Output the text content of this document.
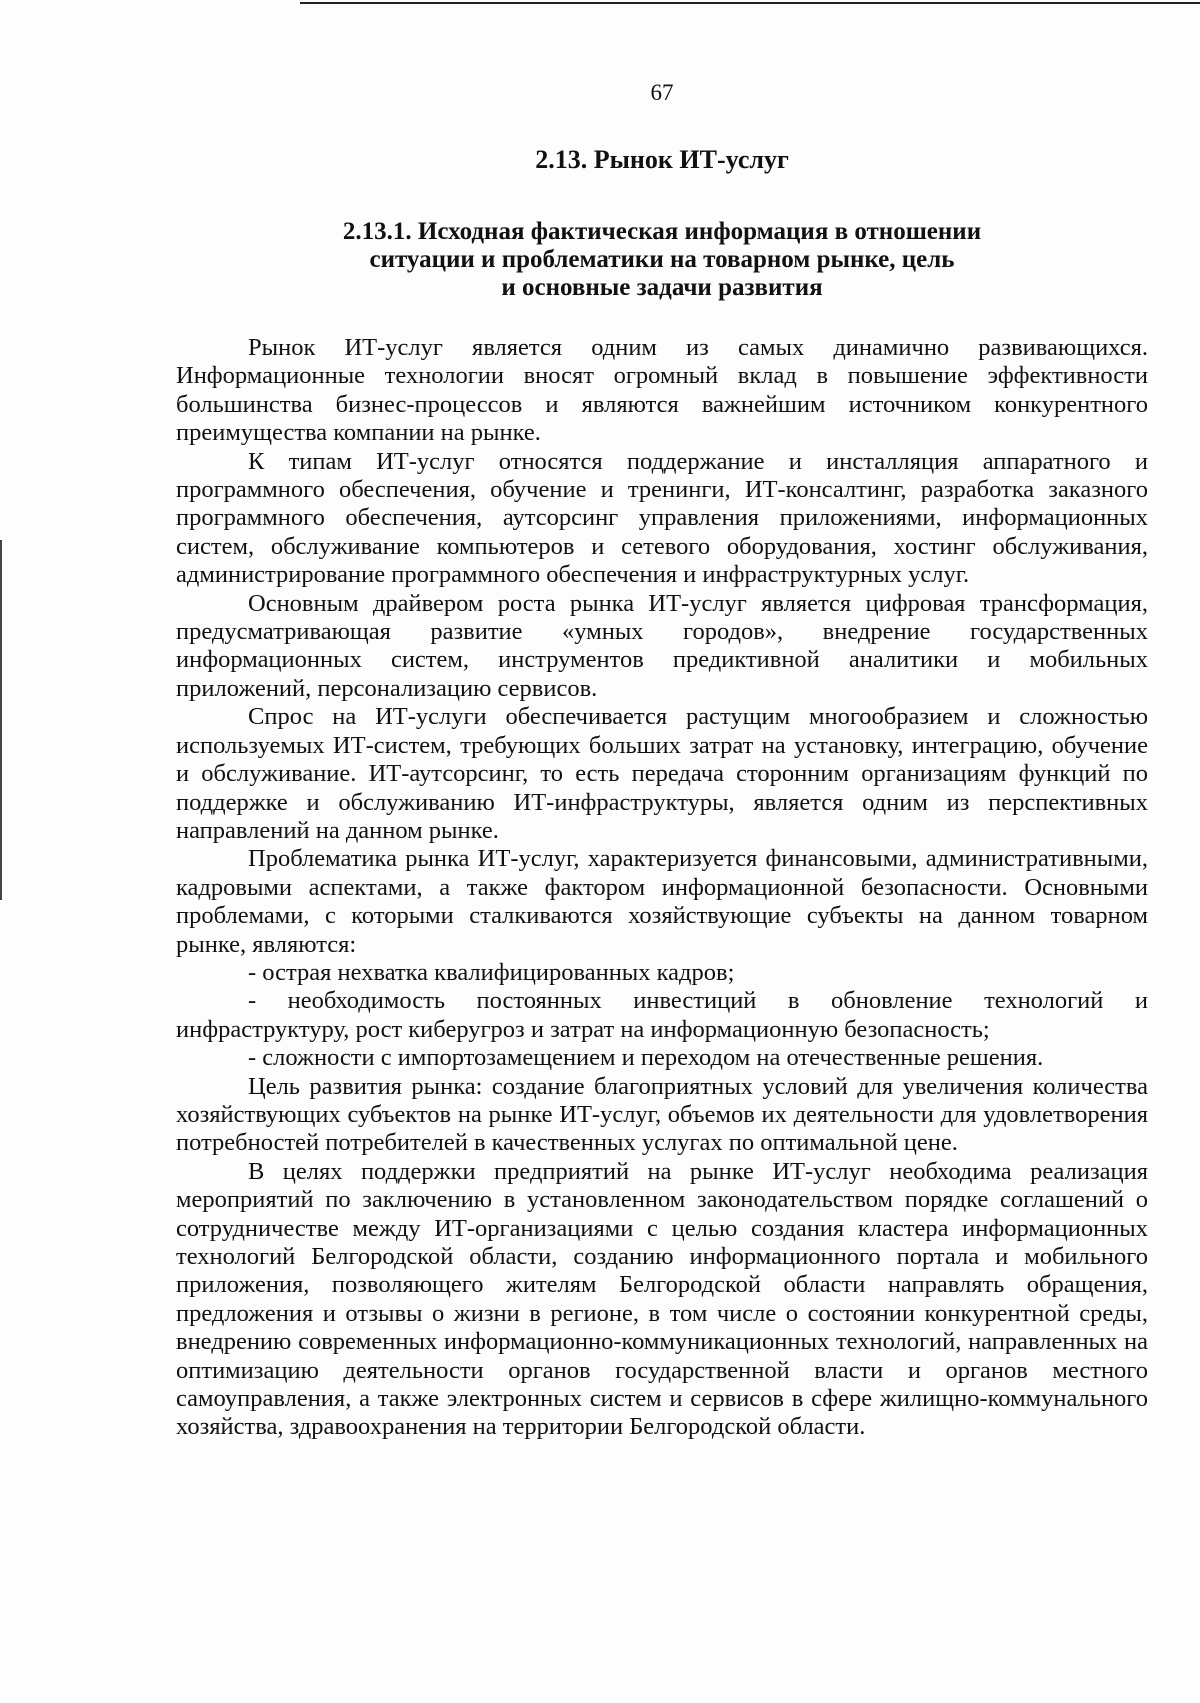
67
2.13. Рынок ИТ-услуг
2.13.1. Исходная фактическая информация в отношении
ситуации и проблематики на товарном рынке, цель
и основные задачи развития

Рынок ИТ-услуг является одним из самых динамично развивающихся. Информационные технологии вносят огромный вклад в повышение эффективности большинства бизнес-процессов и являются важнейшим источником конкурентного преимущества компании на рынке.

К типам ИТ-услуг относятся поддержание и инсталляция аппаратного и программного обеспечения, обучение и тренинги, ИТ-консалтинг, разработка заказного программного обеспечения, аутсорсинг управления приложениями, информационных систем, обслуживание компьютеров и сетевого оборудования, хостинг обслуживания, администрирование программного обеспечения и инфраструктурных услуг.

Основным драйвером роста рынка ИТ-услуг является цифровая трансформация, предусматривающая развитие «умных городов», внедрение государственных информационных систем, инструментов предиктивной аналитики и мобильных приложений, персонализацию сервисов.

Спрос на ИТ-услуги обеспечивается растущим многообразием и сложностью используемых ИТ-систем, требующих больших затрат на установку, интеграцию, обучение и обслуживание. ИТ-аутсорсинг, то есть передача сторонним организациям функций по поддержке и обслуживанию ИТ-инфраструктуры, является одним из перспективных направлений на данном рынке.

Проблематика рынка ИТ-услуг, характеризуется финансовыми, административными, кадровыми аспектами, а также фактором информационной безопасности. Основными проблемами, с которыми сталкиваются хозяйствующие субъекты на данном товарном рынке, являются:

- острая нехватка квалифицированных кадров;

- необходимость постоянных инвестиций в обновление технологий и инфраструктуру, рост киберугроз и затрат на информационную безопасность;

- сложности с импортозамещением и переходом на отечественные решения.

Цель развития рынка: создание благоприятных условий для увеличения количества хозяйствующих субъектов на рынке ИТ-услуг, объемов их деятельности для удовлетворения потребностей потребителей в качественных услугах по оптимальной цене.

В целях поддержки предприятий на рынке ИТ-услуг необходима реализация мероприятий по заключению в установленном законодательством порядке соглашений о сотрудничестве между ИТ-организациями с целью создания кластера информационных технологий Белгородской области, созданию информационного портала и мобильного приложения, позволяющего жителям Белгородской области направлять обращения, предложения и отзывы о жизни в регионе, в том числе о состоянии конкурентной среды, внедрению современных информационно-коммуникационных технологий, направленных на оптимизацию деятельности органов государственной власти и органов местного самоуправления, а также электронных систем и сервисов в сфере жилищно-коммунального хозяйства, здравоохранения на территории Белгородской области.
